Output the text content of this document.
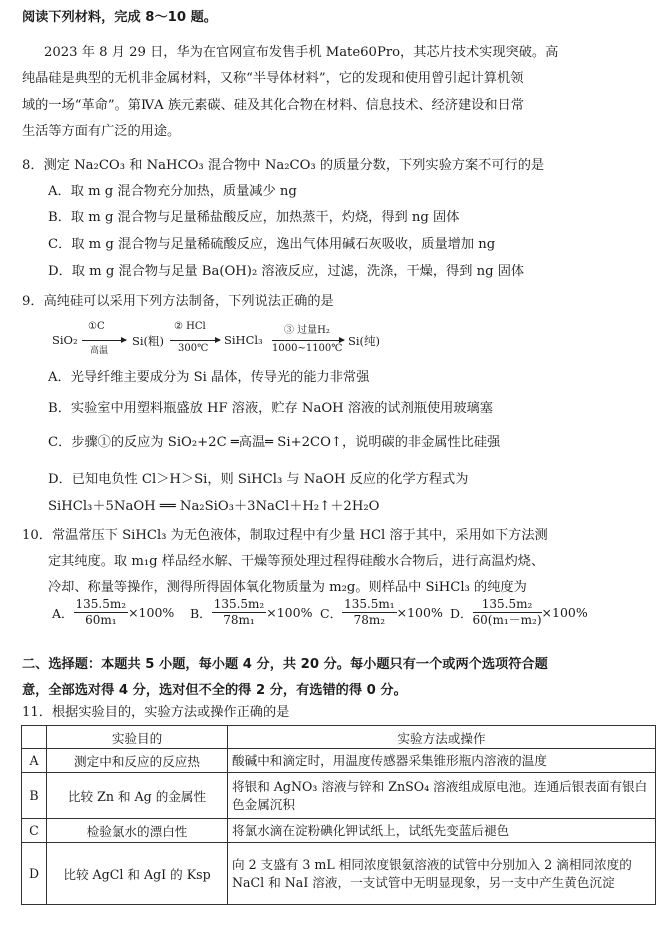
阅读下列材料，完成 8～10 题。
2023 年 8 月 29 日，华为在官网宣布发售手机 Mate60Pro，其芯片技术实现突破。高
纯晶硅是典型的无机非金属材料，又称“半导体材料”，它的发现和使用曾引起计算机领
域的一场“革命”。第ⅣA 族元素碳、硅及其化合物在材料、信息技术、经济建设和日常
生活等方面有广泛的用途。
8．测定 Na₂CO₃ 和 NaHCO₃ 混合物中 Na₂CO₃ 的质量分数，下列实验方案不可行的是
A．取 m g 混合物充分加热，质量减少 ng
B．取 m g 混合物与足量稀盐酸反应，加热蒸干，灼烧，得到 ng 固体
C．取 m g 混合物与足量稀硫酸反应，逸出气体用碱石灰吸收，质量增加 ng
D．取 m g 混合物与足量 Ba(OH)₂ 溶液反应，过滤，洗涤，干燥，得到 ng 固体
9．高纯硅可以采用下列方法制备，下列说法正确的是
SiO₂
①C
高温
Si(粗)
② HCl
300℃
SiHCl₃
③ 过量H₂
1000~1100℃
Si(纯)
A．光导纤维主要成分为 Si 晶体，传导光的能力非常强
B．实验室中用塑料瓶盛放 HF 溶液，贮存 NaOH 溶液的试剂瓶使用玻璃塞
C．步骤①的反应为 SiO₂+2C ═高温═ Si+2CO↑，说明碳的非金属性比硅强
D．已知电负性 Cl＞H＞Si，则 SiHCl₃ 与 NaOH 反应的化学方程式为
SiHCl₃＋5NaOH ══ Na₂SiO₃＋3NaCl＋H₂↑＋2H₂O
10．常温常压下 SiHCl₃ 为无色液体，制取过程中有少量 HCl 溶于其中，采用如下方法测
定其纯度。取 m₁g 样品经水解、干燥等预处理过程得硅酸水合物后，进行高温灼烧、
冷却、称量等操作，测得所得固体氧化物质量为 m₂g。则样品中 SiHCl₃ 的纯度为
A． $\frac{\text{135.5m₂}}{\text{60m₁}} \times 100\%$ B． $\frac{\text{135.5m₂}}{\text{78m₁}} \times 100\%$ C． $\frac{\text{135.5m₁}}{\text{78m₂}} \times 100\%$ D． $\frac{\text{135.5m₂}}{\text{60(m₁－m₂)}} \times 100\%$
二、选择题：本题共 5 小题，每小题 4 分，共 20 分。每小题只有一个或两个选项符合题
意，全部选对得 4 分，选对但不全的得 2 分，有选错的得 0 分。
11．根据实验目的，实验方法或操作正确的是
	实验目的	实验方法或操作
A	测定中和反应的反应热	酸碱中和滴定时，用温度传感器采集锥形瓶内溶液的温度
B	比较 Zn 和 Ag 的金属性	将银和 AgNO₃ 溶液与锌和 ZnSO₄ 溶液组成原电池。连通后银表面有银白色金属沉积
C	检验氯水的漂白性	将氯水滴在淀粉碘化钾试纸上，试纸先变蓝后褪色
D	比较 AgCl 和 AgI 的 Ksp	向 2 支盛有 3 mL 相同浓度银氨溶液的试管中分别加入 2 滴相同浓度的 NaCl 和 NaI 溶液，一支试管中无明显现象，另一支中产生黄色沉淀
